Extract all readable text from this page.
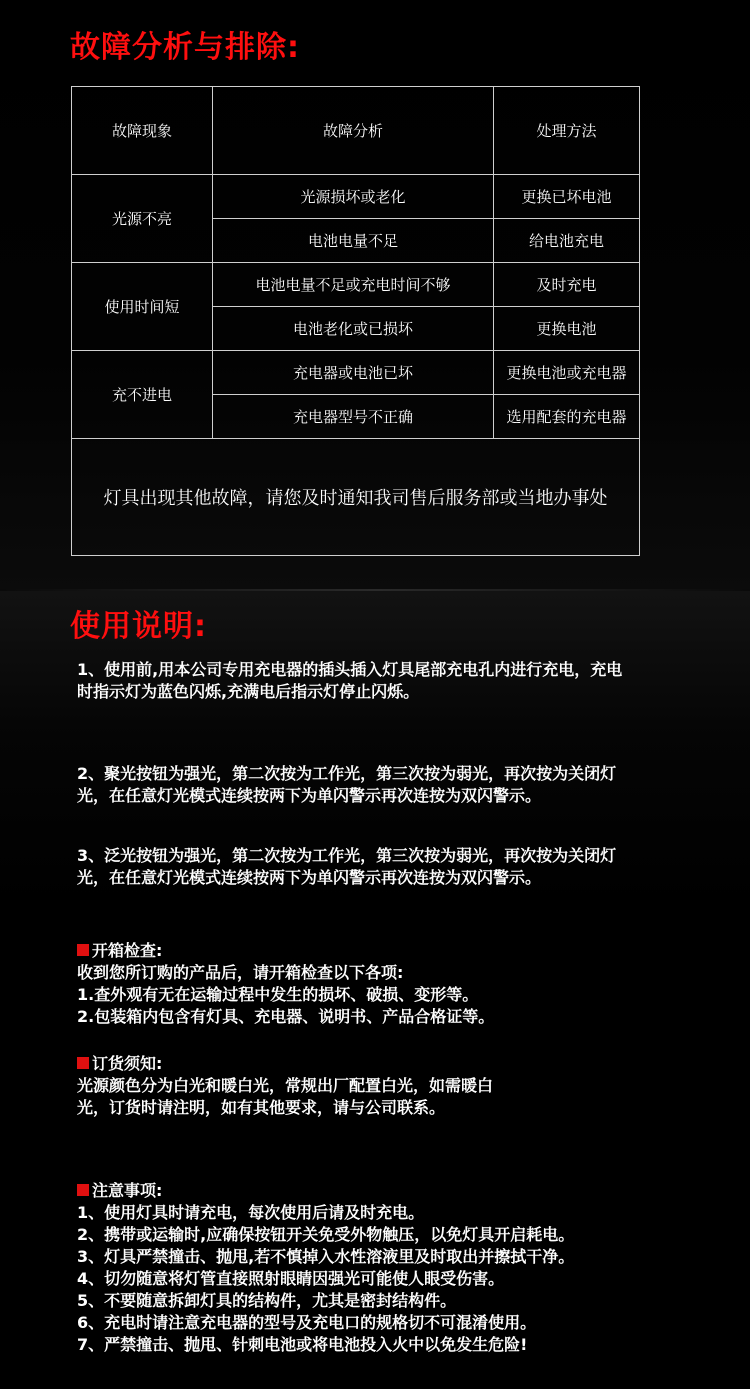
故障分析与排除:
故障现象	故障分析	处理方法
光源不亮	光源损坏或老化	更换已坏电池
	电池电量不足	给电池充电
使用时间短	电池电量不足或充电时间不够	及时充电
	电池老化或已损坏	更换电池
充不进电	充电器或电池已坏	更换电池或充电器
	充电器型号不正确	选用配套的充电器
灯具出现其他故障，请您及时通知我司售后服务部或当地办事处		
使用说明:
1、使用前,用本公司专用充电器的插头插入灯具尾部充电孔内进行充电，充电
时指示灯为蓝色闪烁,充满电后指示灯停止闪烁。
2、聚光按钮为强光，第二次按为工作光，第三次按为弱光，再次按为关闭灯
光，在任意灯光模式连续按两下为单闪警示再次连按为双闪警示。
3、泛光按钮为强光，第二次按为工作光，第三次按为弱光，再次按为关闭灯
光，在任意灯光模式连续按两下为单闪警示再次连按为双闪警示。
开箱检查:
收到您所订购的产品后，请开箱检查以下各项:
1.查外观有无在运输过程中发生的损坏、破损、变形等。
2.包装箱内包含有灯具、充电器、说明书、产品合格证等。
订货须知:
光源颜色分为白光和暖白光，常规出厂配置白光，如需暖白
光，订货时请注明，如有其他要求，请与公司联系。
注意事项:
1、使用灯具时请充电，每次使用后请及时充电。
2、携带或运输时,应确保按钮开关免受外物触压，以免灯具开启耗电。
3、灯具严禁撞击、抛甩,若不慎掉入水性溶液里及时取出并擦拭干净。
4、切勿随意将灯管直接照射眼睛因强光可能使人眼受伤害。
5、不要随意拆卸灯具的结构件，尤其是密封结构件。
6、充电时请注意充电器的型号及充电口的规格切不可混淆使用。
7、严禁撞击、抛甩、针刺电池或将电池投入火中以免发生危险!
